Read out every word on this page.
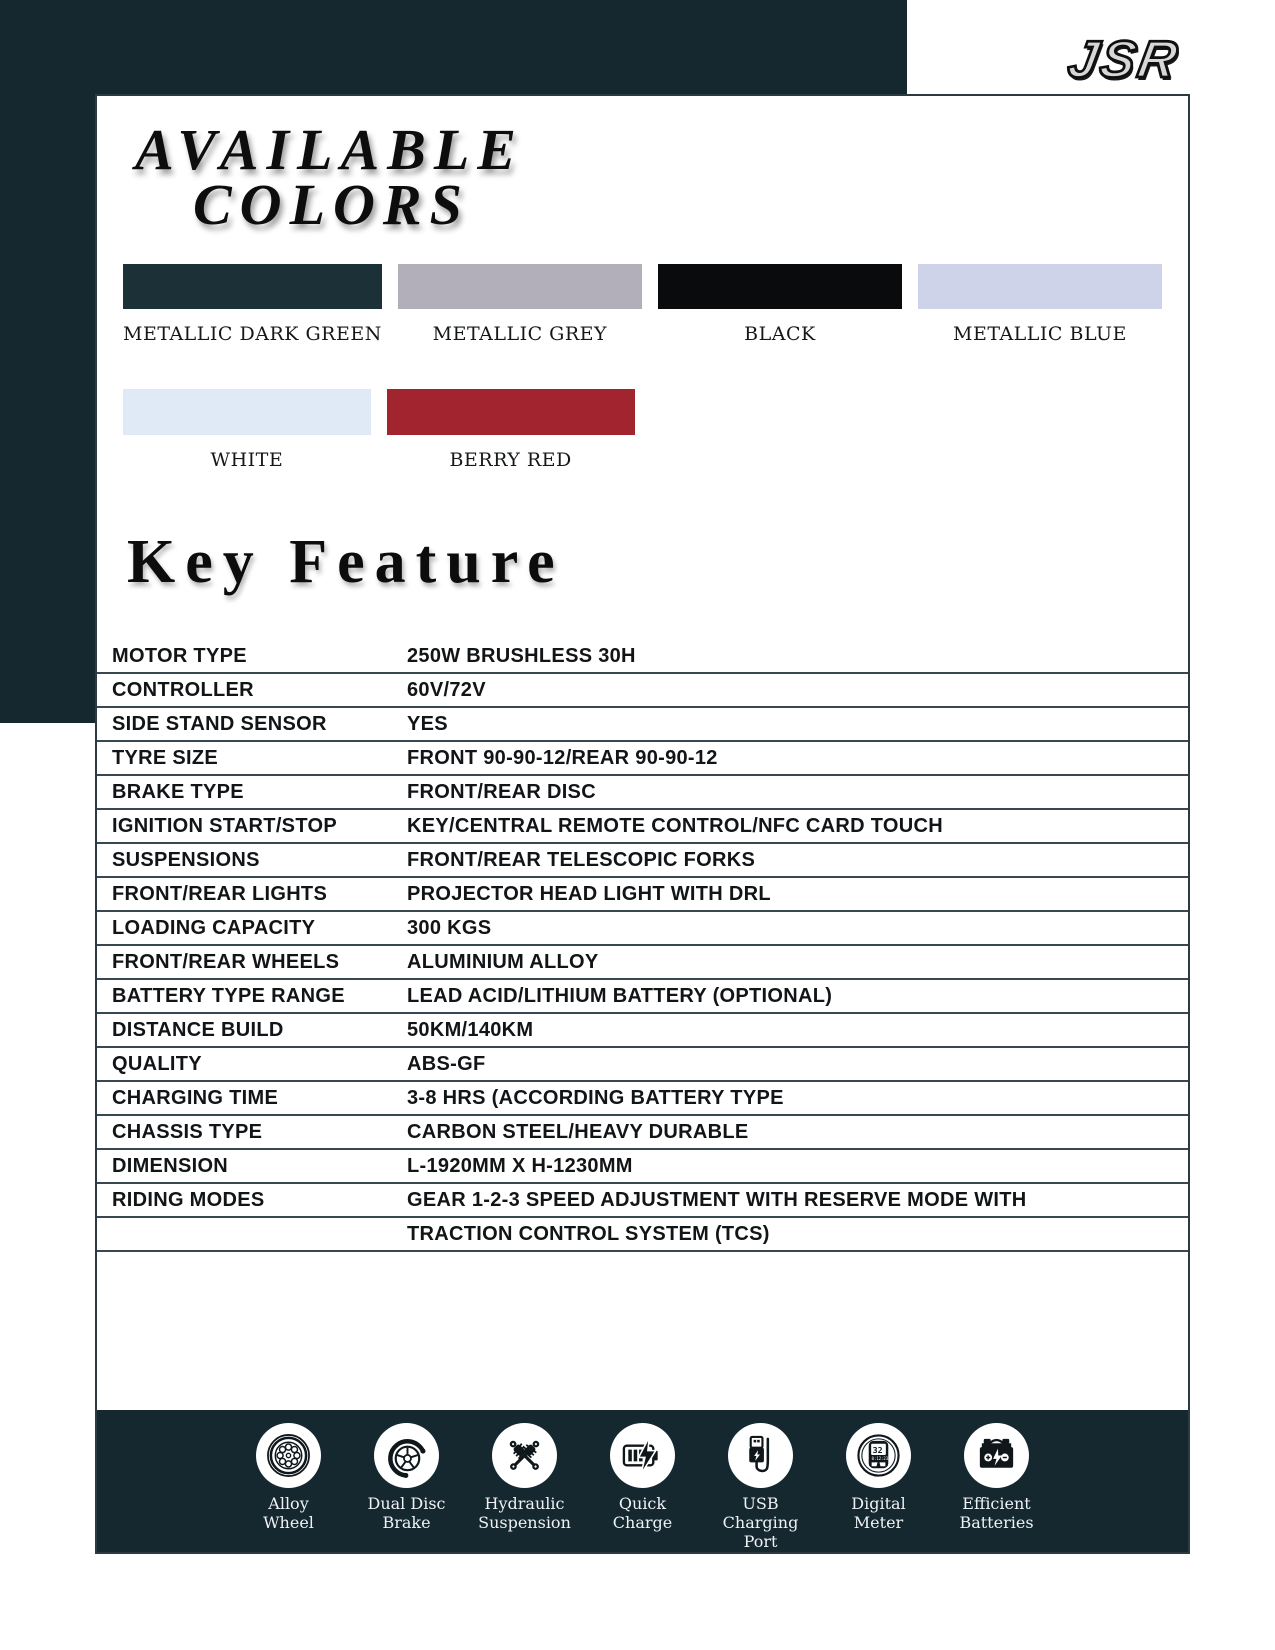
JSR
AVAILABLE
COLORS
METALLIC DARK GREEN	METALLIC GREY	BLACK	METALLIC BLUE
WHITE	BERRY RED
Key Feature
MOTOR TYPE	250W BRUSHLESS 30H
CONTROLLER	60V/72V
SIDE STAND SENSOR	YES
TYRE SIZE	FRONT 90-90-12/REAR 90-90-12
BRAKE TYPE	FRONT/REAR DISC
IGNITION START/STOP	KEY/CENTRAL REMOTE CONTROL/NFC CARD TOUCH
SUSPENSIONS	FRONT/REAR TELESCOPIC FORKS
FRONT/REAR LIGHTS	PROJECTOR HEAD LIGHT WITH DRL
LOADING CAPACITY	300 KGS
FRONT/REAR WHEELS	ALUMINIUM ALLOY
BATTERY TYPE RANGE	LEAD ACID/LITHIUM BATTERY (OPTIONAL)
DISTANCE BUILD	50KM/140KM
QUALITY	ABS-GF
CHARGING TIME	3-8 HRS (ACCORDING BATTERY TYPE
CHASSIS TYPE	CARBON STEEL/HEAVY DURABLE
DIMENSION	L-1920MM X H-1230MM
RIDING MODES	GEAR 1-2-3 SPEED ADJUSTMENT WITH RESERVE MODE WITH
TRACTION CONTROL SYSTEM (TCS)
Alloy
Wheel
Dual Disc
Brake
Hydraulic
Suspension
Quick
Charge
USB
Charging
Port
32
0:12:23
Digital
Meter
Efficient
Batteries
